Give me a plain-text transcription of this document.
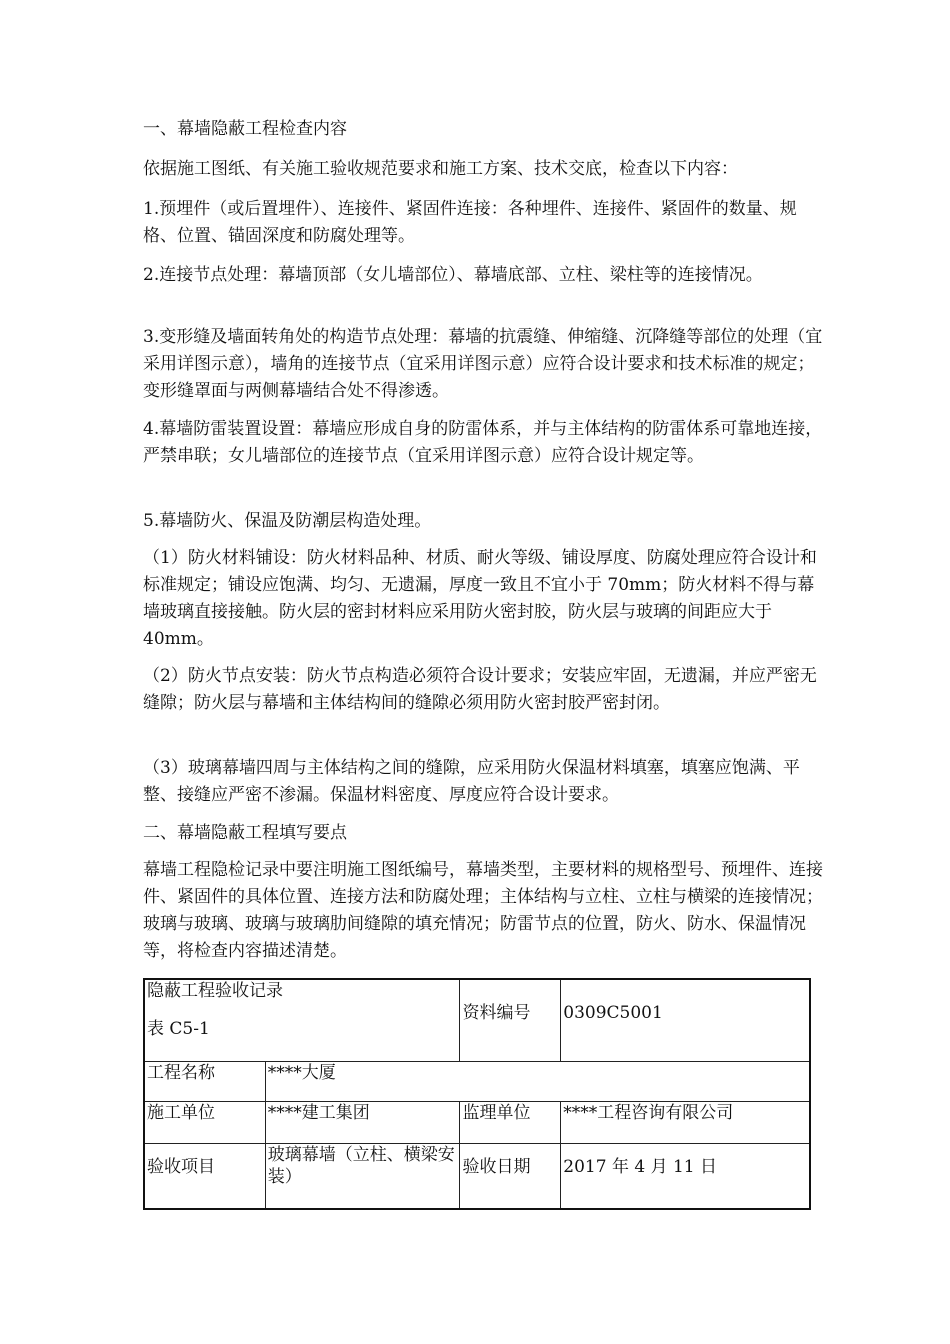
一、幕墙隐蔽工程检查内容

依据施工图纸、有关施工验收规范要求和施工方案、技术交底，检查以下内容：

1.预埋件（或后置埋件）、连接件、紧固件连接：各种埋件、连接件、紧固件的数量、规格、位置、锚固深度和防腐处理等。

2.连接节点处理：幕墙顶部（女儿墙部位）、幕墙底部、立柱、梁柱等的连接情况。

3.变形缝及墙面转角处的构造节点处理：幕墙的抗震缝、伸缩缝、沉降缝等部位的处理（宜采用详图示意），墙角的连接节点（宜采用详图示意）应符合设计要求和技术标准的规定；变形缝罩面与两侧幕墙结合处不得渗透。

4.幕墙防雷装置设置：幕墙应形成自身的防雷体系，并与主体结构的防雷体系可靠地连接，严禁串联；女儿墙部位的连接节点（宜采用详图示意）应符合设计规定等。

5.幕墙防火、保温及防潮层构造处理。

（1）防火材料铺设：防火材料品种、材质、耐火等级、铺设厚度、防腐处理应符合设计和标准规定；铺设应饱满、均匀、无遗漏，厚度一致且不宜小于 70mm；防火材料不得与幕墙玻璃直接接触。防火层的密封材料应采用防火密封胶，防火层与玻璃的间距应大于 40mm。

（2）防火节点安装：防火节点构造必须符合设计要求；安装应牢固，无遗漏，并应严密无缝隙；防火层与幕墙和主体结构间的缝隙必须用防火密封胶严密封闭。

（3）玻璃幕墙四周与主体结构之间的缝隙，应采用防火保温材料填塞，填塞应饱满、平整、接缝应严密不渗漏。保温材料密度、厚度应符合设计要求。

二、幕墙隐蔽工程填写要点

幕墙工程隐检记录中要注明施工图纸编号，幕墙类型，主要材料的规格型号、预埋件、连接件、紧固件的具体位置、连接方法和防腐处理；主体结构与立柱、立柱与横梁的连接情况；玻璃与玻璃、玻璃与玻璃肋间缝隙的填充情况；防雷节点的位置，防火、防水、保温情况等，将检查内容描述清楚。

隐蔽工程验收记录
表 C5-1		资料编号	0309C5001
工程名称	****大厦		
施工单位	****建工集团	监理单位	****工程咨询有限公司
验收项目	玻璃幕墙（立柱、横梁安装）	验收日期	2017 年 4 月 11 日
